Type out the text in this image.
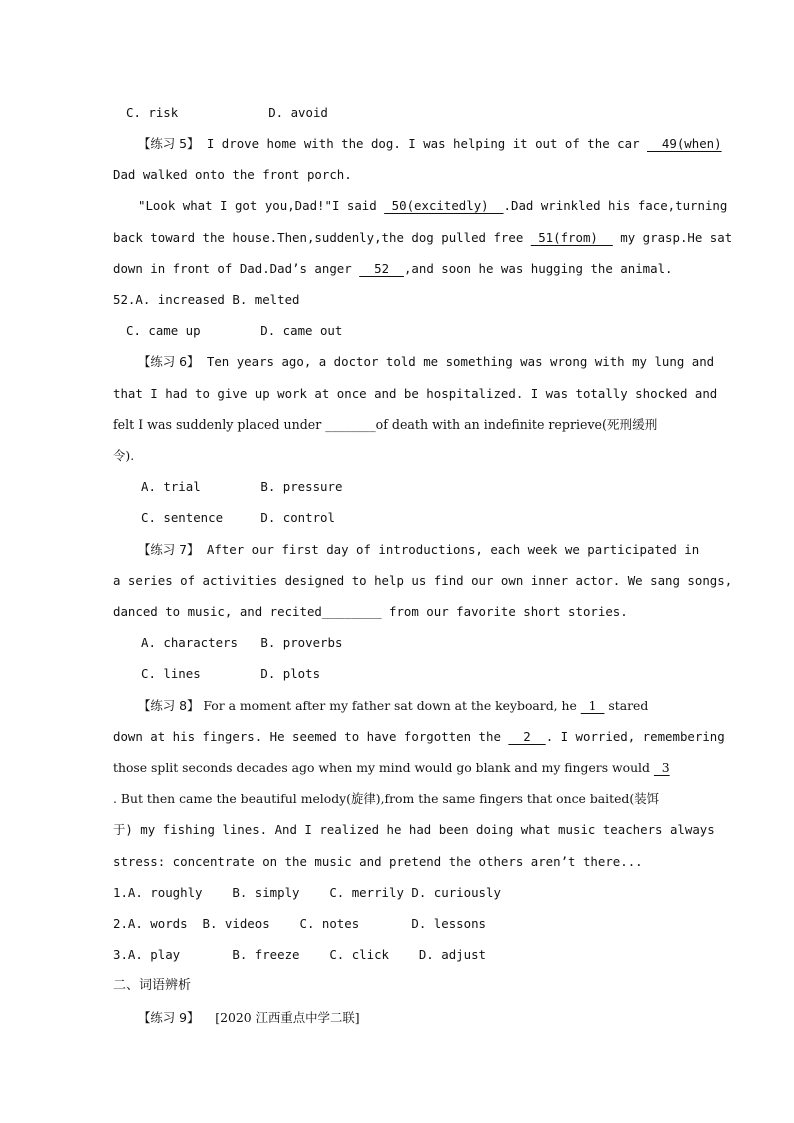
C. risk	D. avoid
【练习 5】 I drove home with the dog. I was helping it out of the car   49(when)
Dad walked onto the front porch.
"Look what I got you,Dad!"I said  50(excitedly)  .Dad wrinkled his face,turning
back toward the house.Then,suddenly,the dog pulled free  51(from)   my grasp.He sat
down in front of Dad.Dad’s anger   52  ,and soon he was hugging the animal.
52.A. increased B. melted
C. came up        D. came out
【练习 6】 Ten years ago, a doctor told me something was wrong with my lung and
that I had to give up work at once and be hospitalized. I was totally shocked and
felt I was suddenly placed under ________of death with an indefinite reprieve(死刑缓刑
令).
A. trial        B. pressure
C. sentence     D. control
【练习 7】 After our first day of introductions, each week we participated in
a series of activities designed to help us find our own inner actor. We sang songs,
danced to music, and recited________ from our favorite short stories.
A. characters   B. proverbs
C. lines        D. plots
【练习 8】 For a moment after my father sat down at the keyboard, he   1   stared
down at his fingers. He seemed to have forgotten the   2  . I worried, remembering
those split seconds decades ago when my mind would go blank and my fingers would   3
. But then came the beautiful melody(旋律),from the same fingers that once baited(装饵
于) my fishing lines. And I realized he had been doing what music teachers always
stress: concentrate on the music and pretend the others aren’t there...
1.A. roughly    B. simply    C. merrily D. curiously
2.A. words  B. videos    C. notes       D. lessons
3.A. play       B. freeze    C. click    D. adjust
二、词语辨析
【练习 9】 [2020 江西重点中学二联]
